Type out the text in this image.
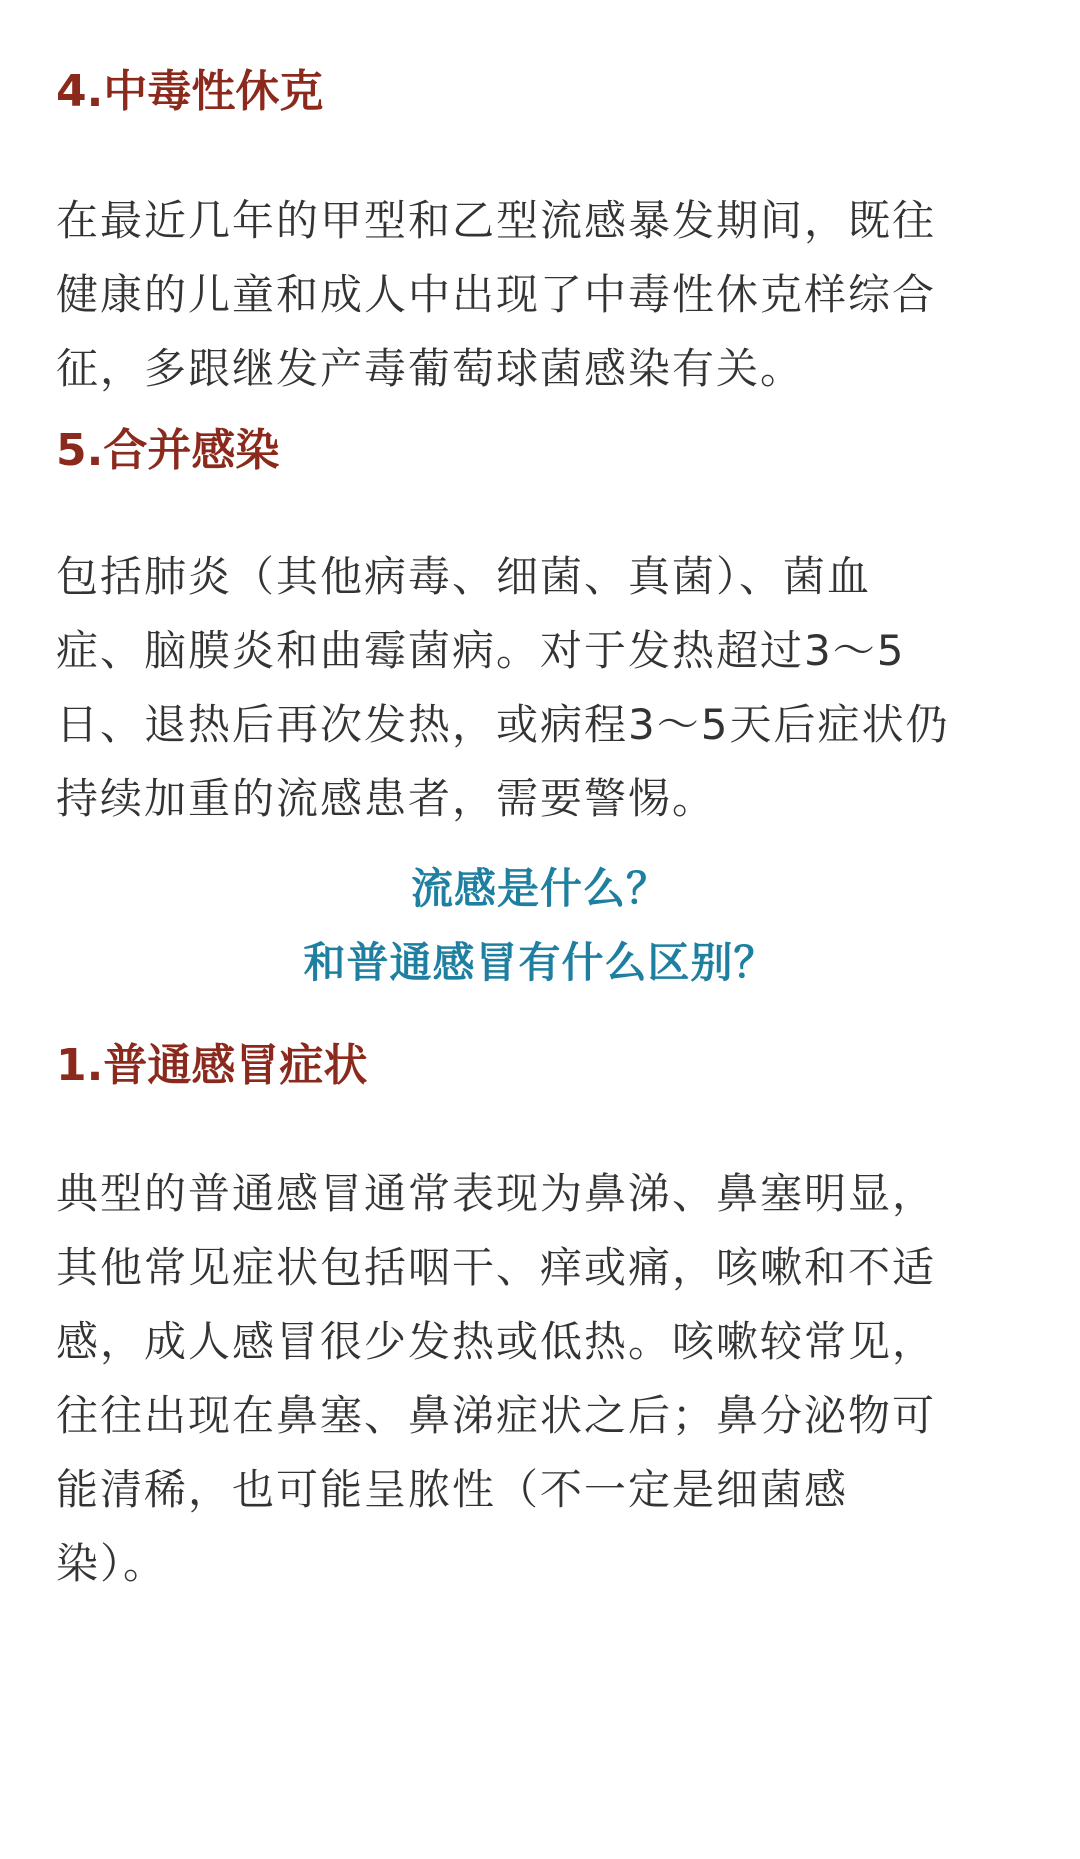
4.中毒性休克

在最近几年的甲型和乙型流感暴发期间，既往
健康的儿童和成人中出现了中毒性休克样综合
征，多跟继发产毒葡萄球菌感染有关。

5.合并感染

包括肺炎（其他病毒、细菌、真菌）、菌血
症、脑膜炎和曲霉菌病。对于发热超过3～5
日、退热后再次发热，或病程3～5天后症状仍
持续加重的流感患者，需要警惕。

流感是什么？
和普通感冒有什么区别？
1.普通感冒症状

典型的普通感冒通常表现为鼻涕、鼻塞明显，
其他常见症状包括咽干、痒或痛，咳嗽和不适
感，成人感冒很少发热或低热。咳嗽较常见，
往往出现在鼻塞、鼻涕症状之后；鼻分泌物可
能清稀，也可能呈脓性（不一定是细菌感
染）。
